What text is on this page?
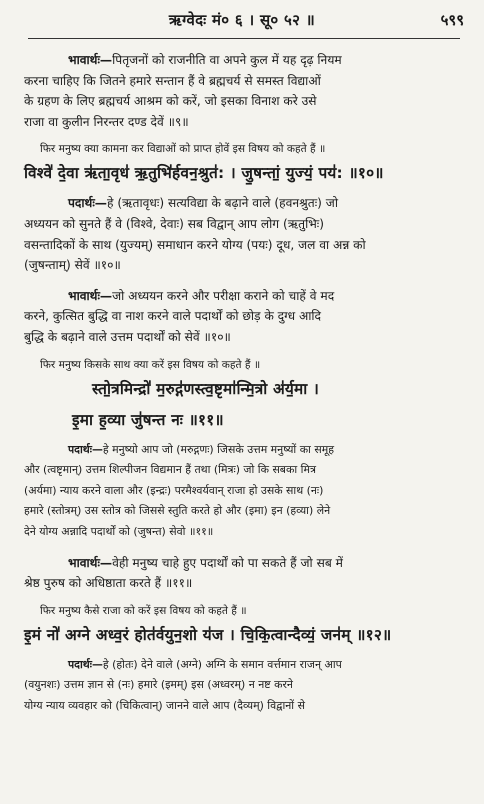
ऋग्वेदः मं० ६ । सू० ५२ ॥	५९९
भावार्थः—पितृजनों को राजनीति वा अपने कुल में यह दृढ़ नियम
करना चाहिए कि जितने हमारे सन्तान हैं वे ब्रह्मचर्य से समस्त विद्याओं
के ग्रहण के लिए ब्रह्मचर्य आश्रम को करें, जो इसका विनाश करे उसे
राजा वा कुलीन निरन्तर दण्ड देवें ॥९॥
फिर मनुष्य क्या कामना कर विद्याओं को प्राप्त होवें इस विषय को कहते हैं ॥
विश्वे॑ दे॒वा ऋ॑ता॒वृध॑ ऋ॒तुभि॑र्हवन॒श्रुत॑: । जु॒षन्तां॒ युज्यं॒ पय॑: ॥१०॥
पदार्थः—हे (ऋतावृधः) सत्यविद्या के बढ़ाने वाले (हवनश्रुतः) जो
अध्ययन को सुनते हैं वे (विश्वे, देवाः) सब विद्वान् आप लोग (ऋतुभिः)
वसन्तादिकों के साथ (युज्यम्) समाधान करने योग्य (पयः) दूध, जल वा अन्न को
(जुषन्ताम्) सेवें ॥१०॥
भावार्थः—जो अध्ययन करने और परीक्षा कराने को चाहें वे मद
करने, कुत्सित बुद्धि वा नाश करने वाले पदार्थों को छोड़ के दुग्ध आदि
बुद्धि के बढ़ाने वाले उत्तम पदार्थों को सेवें ॥१०॥
फिर मनुष्य किसके साथ क्या करें इस विषय को कहते हैं ॥
स्तो॒त्रमिन्द्रो॑ म॒रुद्ग॑णस्त्व॒ष्टृमा॑न्मि॒त्रो अ॑र्य॒मा ।
इ॒मा ह॒व्या जु॑षन्त नः ॥११॥
पदार्थः—हे मनुष्यो आप जो (मरुद्गणः) जिसके उत्तम मनुष्यों का समूह
और (त्वष्टृमान्) उत्तम शिल्पीजन विद्यमान हैं तथा (मित्रः) जो कि सबका मित्र
(अर्यमा) न्याय करने वाला और (इन्द्रः) परमैश्वर्यवान् राजा हो उसके साथ (नः)
हमारे (स्तोत्रम्) उस स्तोत्र को जिससे स्तुति करते हो और (इमा) इन (हव्या) लेने
देने योग्य अन्नादि पदार्थों को (जुषन्त) सेवो ॥११॥
भावार्थः—वेही मनुष्य चाहे हुए पदार्थों को पा सकते हैं जो सब में
श्रेष्ठ पुरुष को अधिष्ठाता करते हैं ॥११॥
फिर मनुष्य कैसे राजा को करें इस विषय को कहते हैं ॥
इ॒मं नो॑ अग्ने अध्व॒रं होत॑र्वयुन॒शो य॑ज । चि॒कि॒त्वान्दैव्यं॒ जन॑म् ॥१२॥
पदार्थः—हे (होतः) देने वाले (अग्ने) अग्नि के समान वर्त्तमान राजन् आप
(वयुनशः) उत्तम ज्ञान से (नः) हमारे (इमम्) इस (अध्वरम्) न नष्ट करने
योग्य न्याय व्यवहार को (चिकित्वान्) जानने वाले आप (दैव्यम्) विद्वानों से
